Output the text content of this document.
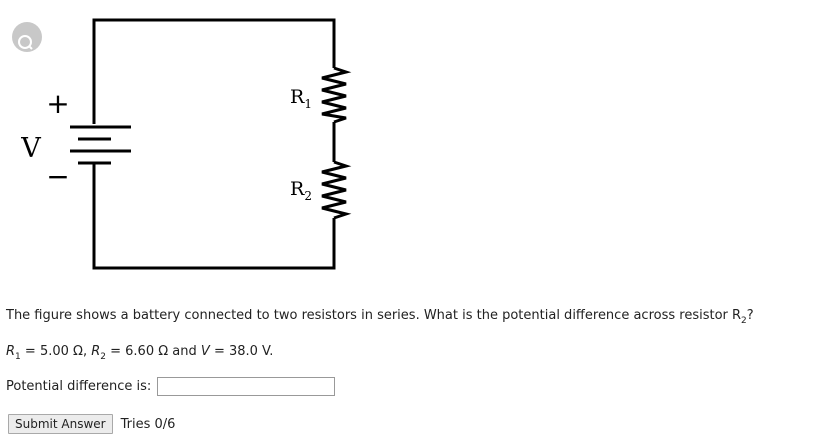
+
−
V
$R_1$
$R_2$
The figure shows a battery connected to two resistors in series. What is the potential difference across resistor $R_2$?
$R_1 = 5.00$ Ω, $R_2 = 6.60$ Ω and V = 38.0 V.
Potential difference is:
Submit Answer	Tries 0/6
